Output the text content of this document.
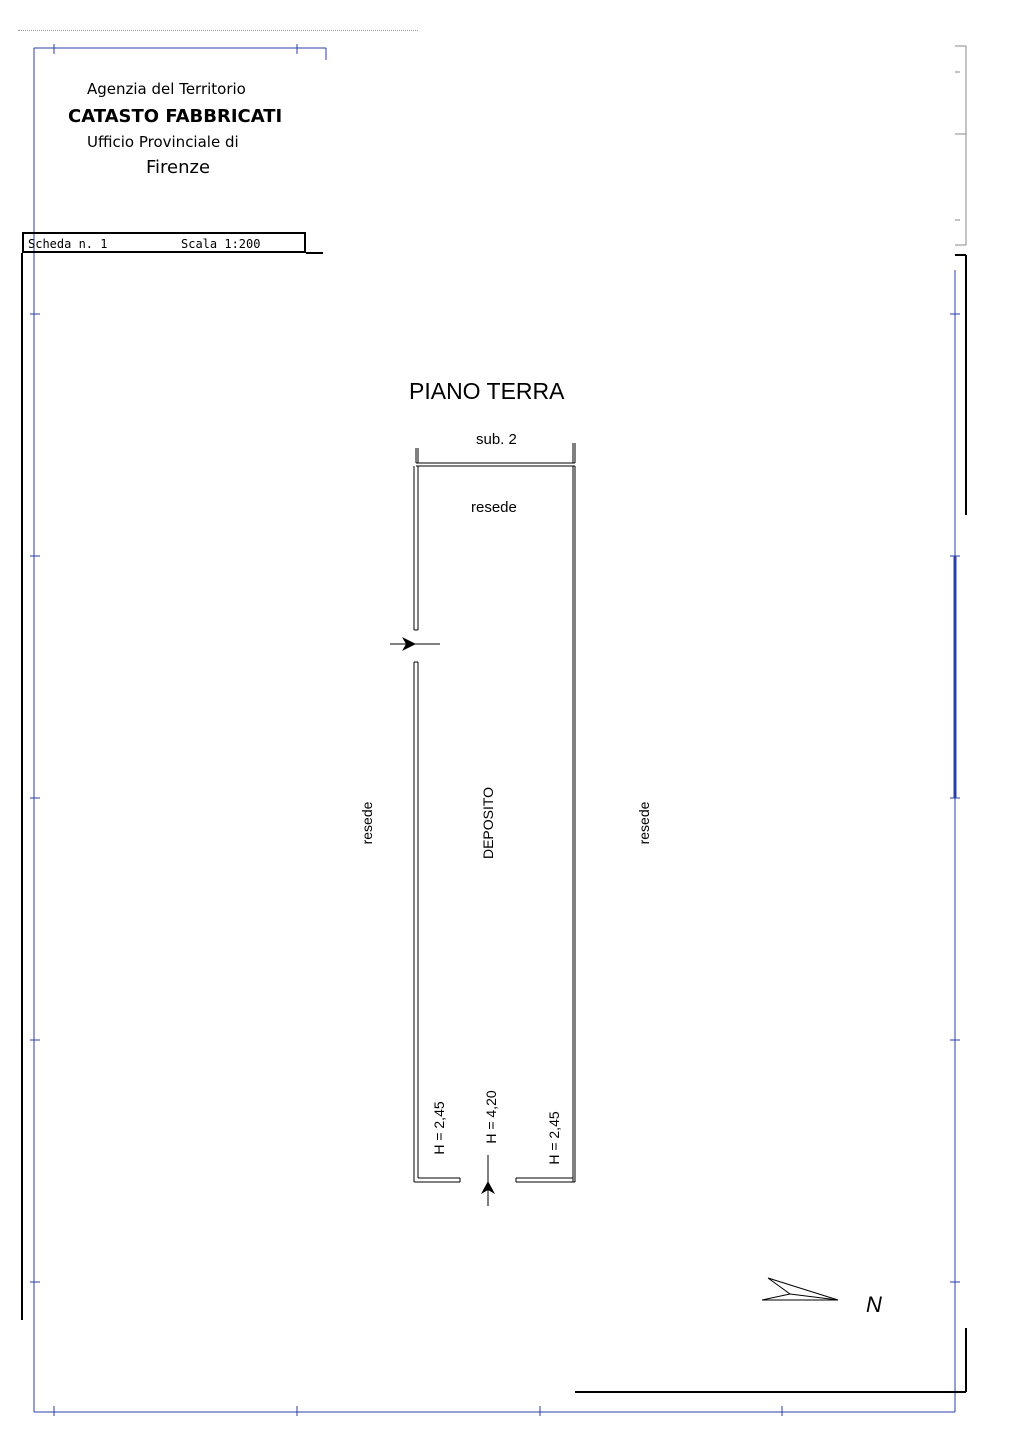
Agenzia del Territorio
CATASTO FABBRICATI
Ufficio Provinciale di
Firenze
Scheda n. 1	Scala 1:200
PIANO TERRA
sub. 2
resede
resede	resede
DEPOSITO
H = 2,45	H = 4,20	H = 2,45
N
